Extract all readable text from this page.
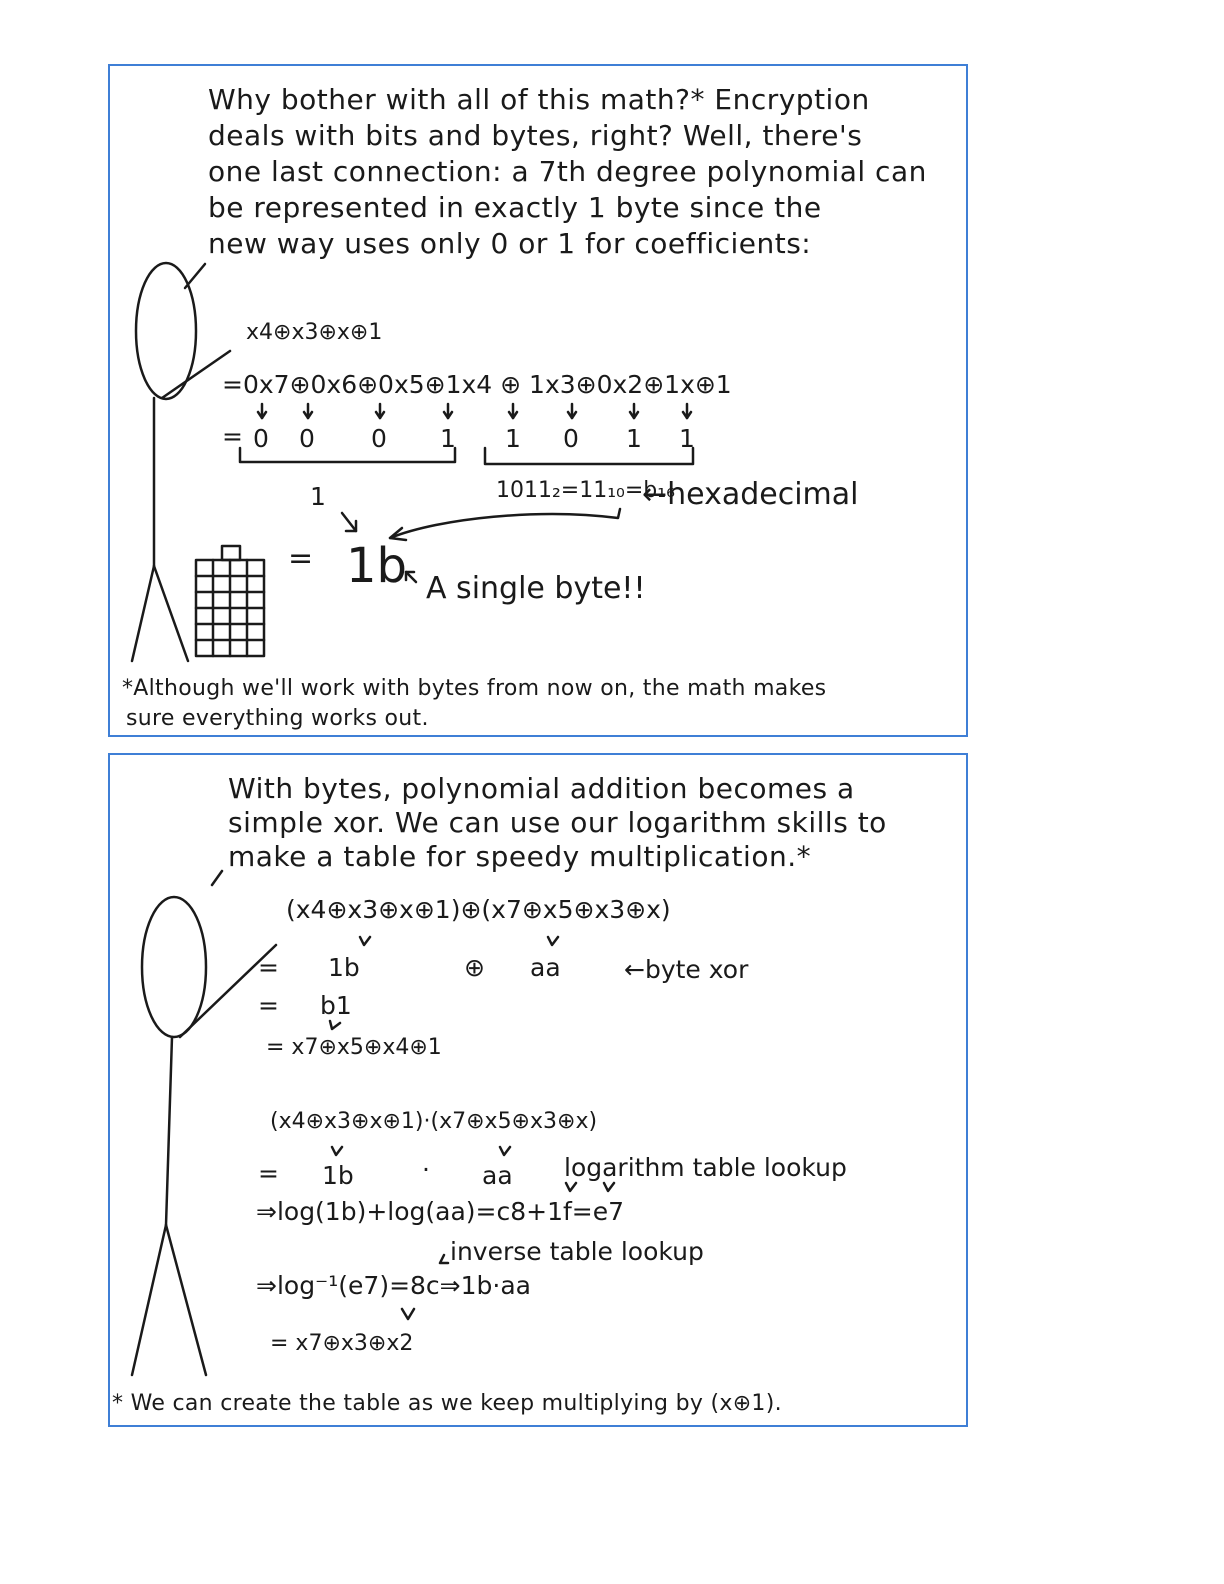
Why bother with all of this math?* Encryption
deals with bits and bytes, right? Well, there's
one last connection: a 7th degree polynomial can
be represented in exactly 1 byte since the
new way uses only 0 or 1 for coefficients:
x4⊕x3⊕x⊕1
=0x7⊕0x6⊕0x5⊕1x4 ⊕ 1x3⊕0x2⊕1x⊕1
= 0 0 0 1 1 0 1 1
1	1011₂=11₁₀=b₁₆
←hexadecimal
= 1b A single byte!!
*Although we'll work with bytes from now on, the math makes
sure everything works out.
With bytes, polynomial addition becomes a
simple xor. We can use our logarithm skills to
make a table for speedy multiplication.*
(x4⊕x3⊕x⊕1)⊕(x7⊕x5⊕x3⊕x)
= 1b	⊕ aa	←byte xor
= b1
= x7⊕x5⊕x4⊕1
(x4⊕x3⊕x⊕1)·(x7⊕x5⊕x3⊕x)
= 1b	· aa logarithm table lookup
⇒log(1b)+log(aa)=c8+1f=e7
inverse table lookup
⇒log⁻¹(e7)=8c⇒1b·aa
= x7⊕x3⊕x2
* We can create the table as we keep multiplying by (x⊕1).
